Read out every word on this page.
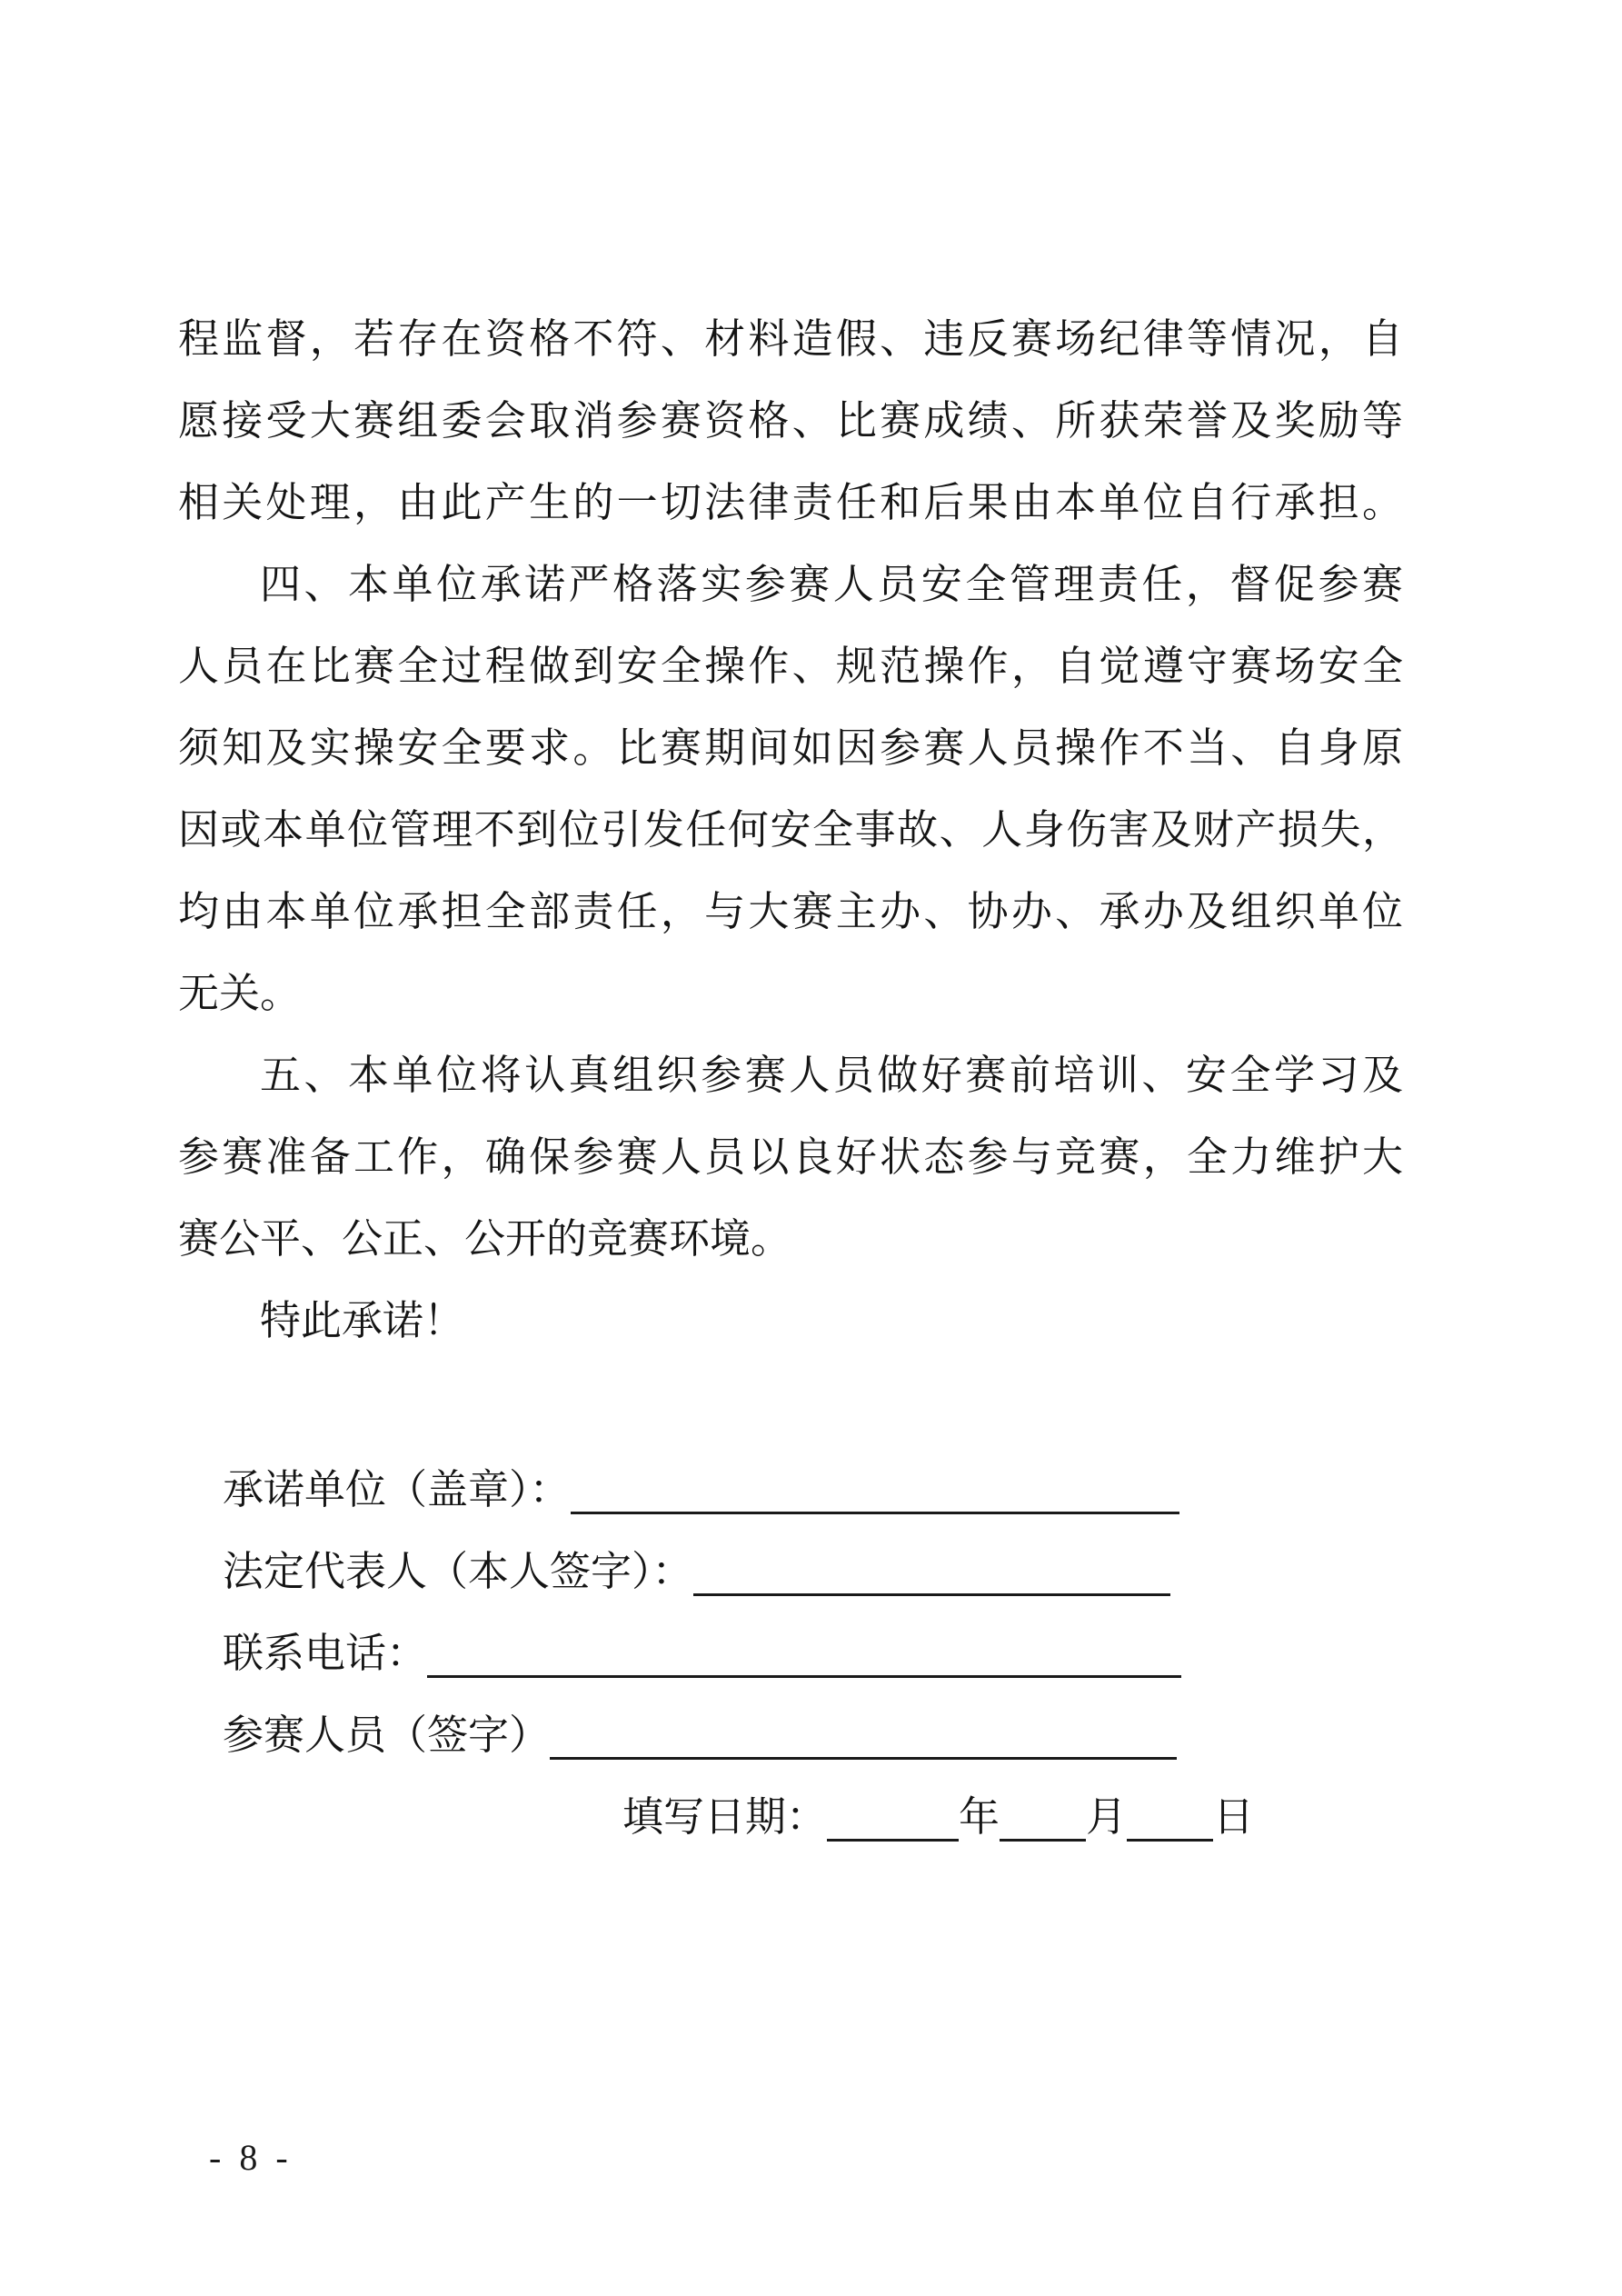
程监督，若存在资格不符、材料造假、违反赛场纪律等情况，自
愿接受大赛组委会取消参赛资格、比赛成绩、所获荣誉及奖励等
相关处理，由此产生的一切法律责任和后果由本单位自行承担。
四、本单位承诺严格落实参赛人员安全管理责任，督促参赛
人员在比赛全过程做到安全操作、规范操作，自觉遵守赛场安全
须知及实操安全要求。比赛期间如因参赛人员操作不当、自身原
因或本单位管理不到位引发任何安全事故、人身伤害及财产损失，
均由本单位承担全部责任，与大赛主办、协办、承办及组织单位
无关。
五、本单位将认真组织参赛人员做好赛前培训、安全学习及
参赛准备工作，确保参赛人员以良好状态参与竞赛，全力维护大
赛公平、公正、公开的竞赛环境。
特此承诺！
承诺单位（盖章）：
法定代表人（本人签字）：
联系电话：
参赛人员（签字）
填写日期：	年 月 日
- 8 -
